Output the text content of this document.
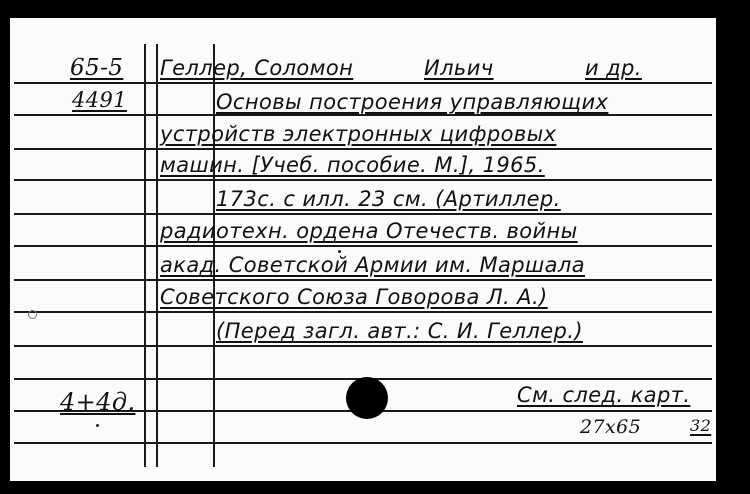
65-5
4491
4+4д.
Геллер, Соломон	Ильич	и др.
Основы построения управляющих
устройств электронных цифровых
машин. [Учеб. пособие. М.], 1965.
173с. с илл. 23 см. (Артиллер.
радиотехн. ордена Отечеств. войны
акад. Советской Армии им. Маршала
Советского Союза Говорова Л. А.)
(Перед загл. авт.: С. И. Геллер.)
См. след. карт.
27х65	32
